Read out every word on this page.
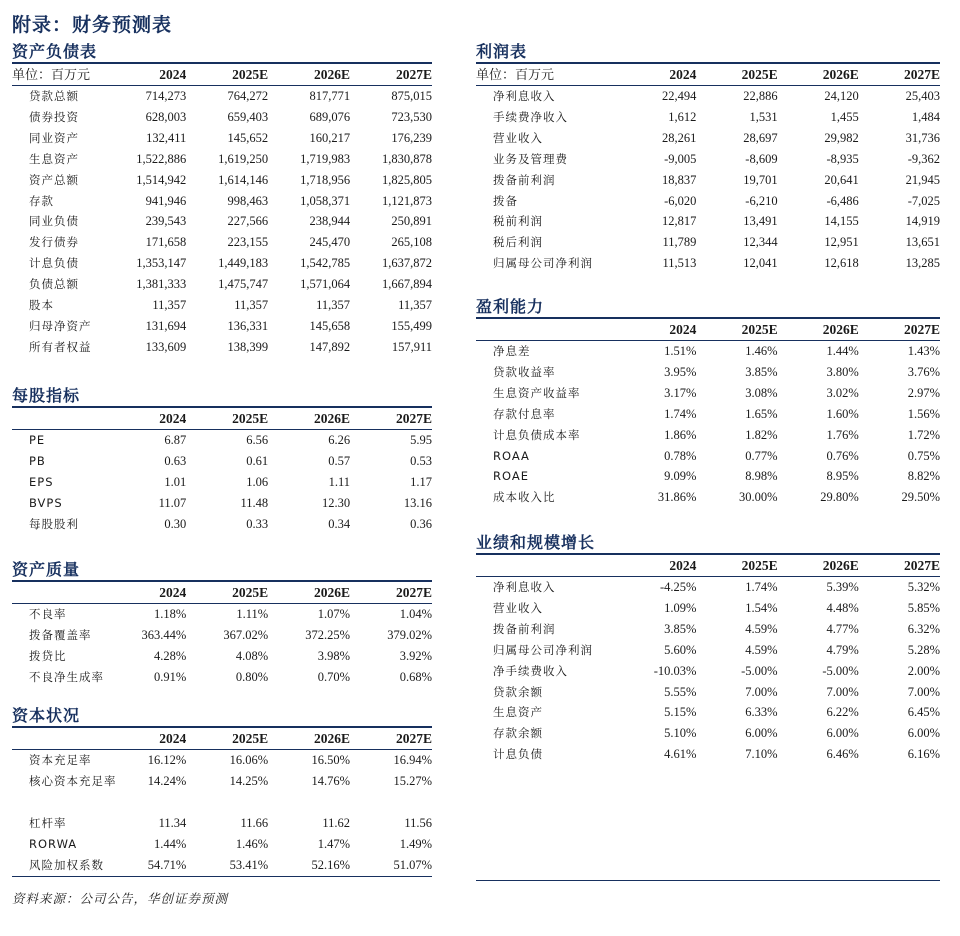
附录：财务预测表
资产负债表
单位：百万元	2024	2025E	2026E	2027E
贷款总额	714,273	764,272	817,771	875,015
债券投资	628,003	659,403	689,076	723,530
同业资产	132,411	145,652	160,217	176,239
生息资产	1,522,886	1,619,250	1,719,983	1,830,878
资产总额	1,514,942	1,614,146	1,718,956	1,825,805
存款	941,946	998,463	1,058,371	1,121,873
同业负债	239,543	227,566	238,944	250,891
发行债券	171,658	223,155	245,470	265,108
计息负债	1,353,147	1,449,183	1,542,785	1,637,872
负债总额	1,381,333	1,475,747	1,571,064	1,667,894
股本	11,357	11,357	11,357	11,357
归母净资产	131,694	136,331	145,658	155,499
所有者权益	133,609	138,399	147,892	157,911
每股指标
	2024	2025E	2026E	2027E
PE	6.87	6.56	6.26	5.95
PB	0.63	0.61	0.57	0.53
EPS	1.01	1.06	1.11	1.17
BVPS	11.07	11.48	12.30	13.16
每股股利	0.30	0.33	0.34	0.36
资产质量
	2024	2025E	2026E	2027E
不良率	1.18%	1.11%	1.07%	1.04%
拨备覆盖率	363.44%	367.02%	372.25%	379.02%
拨贷比	4.28%	4.08%	3.98%	3.92%
不良净生成率	0.91%	0.80%	0.70%	0.68%
资本状况
	2024	2025E	2026E	2027E
资本充足率	16.12%	16.06%	16.50%	16.94%
核心资本充足率	14.24%	14.25%	14.76%	15.27%

杠杆率	11.34	11.66	11.62	11.56
RORWA	1.44%	1.46%	1.47%	1.49%
风险加权系数	54.71%	53.41%	52.16%	51.07%
利润表
单位：百万元	2024	2025E	2026E	2027E
净利息收入	22,494	22,886	24,120	25,403
手续费净收入	1,612	1,531	1,455	1,484
营业收入	28,261	28,697	29,982	31,736
业务及管理费	-9,005	-8,609	-8,935	-9,362
拨备前利润	18,837	19,701	20,641	21,945
拨备	-6,020	-6,210	-6,486	-7,025
税前利润	12,817	13,491	14,155	14,919
税后利润	11,789	12,344	12,951	13,651
归属母公司净利润	11,513	12,041	12,618	13,285
盈利能力
	2024	2025E	2026E	2027E
净息差	1.51%	1.46%	1.44%	1.43%
贷款收益率	3.95%	3.85%	3.80%	3.76%
生息资产收益率	3.17%	3.08%	3.02%	2.97%
存款付息率	1.74%	1.65%	1.60%	1.56%
计息负债成本率	1.86%	1.82%	1.76%	1.72%
ROAA	0.78%	0.77%	0.76%	0.75%
ROAE	9.09%	8.98%	8.95%	8.82%
成本收入比	31.86%	30.00%	29.80%	29.50%
业绩和规模增长
	2024	2025E	2026E	2027E
净利息收入	-4.25%	1.74%	5.39%	5.32%
营业收入	1.09%	1.54%	4.48%	5.85%
拨备前利润	3.85%	4.59%	4.77%	6.32%
归属母公司净利润	5.60%	4.59%	4.79%	5.28%
净手续费收入	-10.03%	-5.00%	-5.00%	2.00%
贷款余额	5.55%	7.00%	7.00%	7.00%
生息资产	5.15%	6.33%	6.22%	6.45%
存款余额	5.10%	6.00%	6.00%	6.00%
计息负债	4.61%	7.10%	6.46%	6.16%
资料来源：公司公告，华创证券预测
